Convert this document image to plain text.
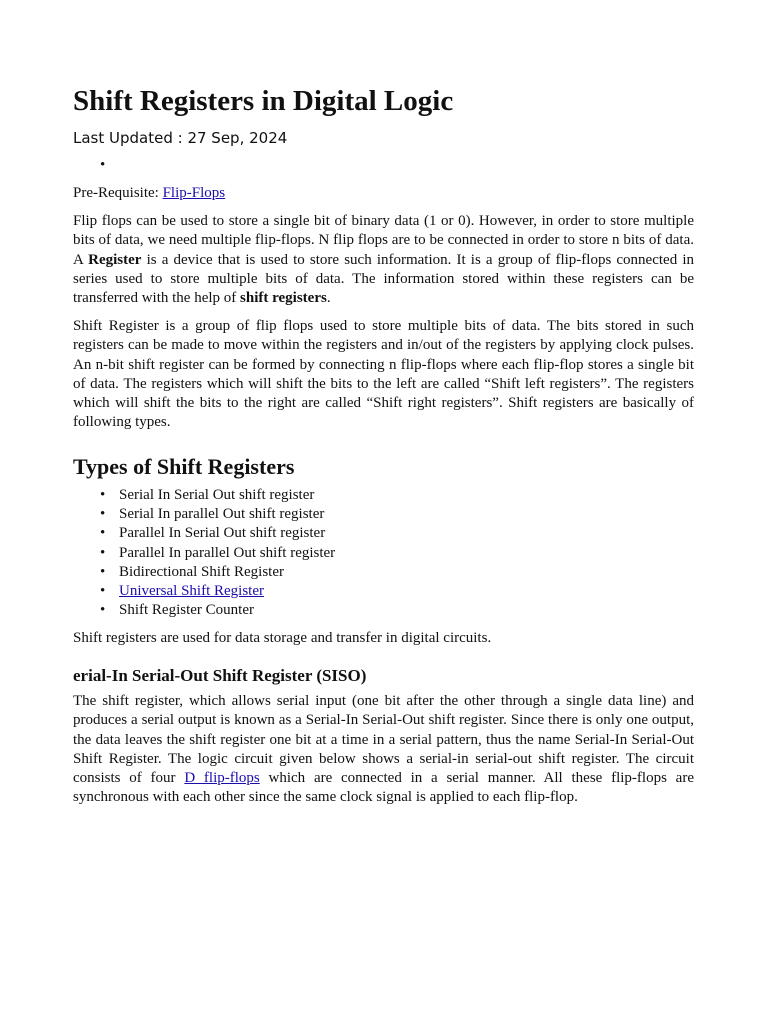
Shift Registers in Digital Logic
Last Updated : 27 Sep, 2024
•
Pre-Requisite: Flip-Flops

Flip flops can be used to store a single bit of binary data (1 or 0). However, in order to store multiple bits of data, we need multiple flip-flops. N flip flops are to be connected in order to store n bits of data. A Register is a device that is used to store such information. It is a group of flip-flops connected in series used to store multiple bits of data. The information stored within these registers can be transferred with the help of shift registers.

Shift Register is a group of flip flops used to store multiple bits of data. The bits stored in such registers can be made to move within the registers and in/out of the registers by applying clock pulses. An n-bit shift register can be formed by connecting n flip-flops where each flip-flop stores a single bit of data. The registers which will shift the bits to the left are called “Shift left registers”. The registers which will shift the bits to the right are called “Shift right registers”. Shift registers are basically of following types.

Types of Shift Registers
• Serial In Serial Out shift register
• Serial In parallel Out shift register
• Parallel In Serial Out shift register
• Parallel In parallel Out shift register
• Bidirectional Shift Register
• Universal Shift Register
• Shift Register Counter
Shift registers are used for data storage and transfer in digital circuits.
erial-In Serial-Out Shift Register (SISO)

The shift register, which allows serial input (one bit after the other through a single data line) and produces a serial output is known as a Serial-In Serial-Out shift register. Since there is only one output, the data leaves the shift register one bit at a time in a serial pattern, thus the name Serial-In Serial-Out Shift Register. The logic circuit given below shows a serial-in serial-out shift register. The circuit consists of four D flip-flops which are connected in a serial manner. All these flip-flops are synchronous with each other since the same clock signal is applied to each flip-flop.
